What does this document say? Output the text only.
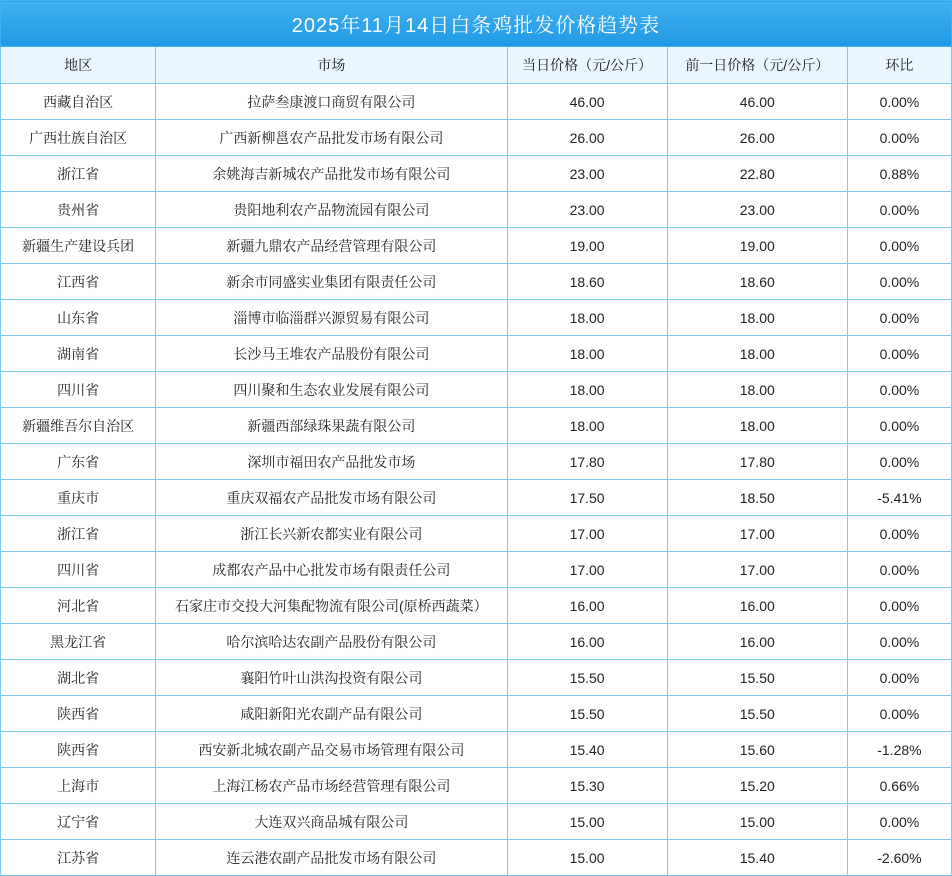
2025年11月14日白条鸡批发价格趋势表				
地区	市场	当日价格（元/公斤）	前一日价格（元/公斤）	环比
西藏自治区	拉萨叁康渡口商贸有限公司	46.00	46.00	0.00%
广西壮族自治区	广西新柳邕农产品批发市场有限公司	26.00	26.00	0.00%
浙江省	余姚海吉新城农产品批发市场有限公司	23.00	22.80	0.88%
贵州省	贵阳地利农产品物流园有限公司	23.00	23.00	0.00%
新疆生产建设兵团	新疆九鼎农产品经营管理有限公司	19.00	19.00	0.00%
江西省	新余市同盛实业集团有限责任公司	18.60	18.60	0.00%
山东省	淄博市临淄群兴源贸易有限公司	18.00	18.00	0.00%
湖南省	长沙马王堆农产品股份有限公司	18.00	18.00	0.00%
四川省	四川聚和生态农业发展有限公司	18.00	18.00	0.00%
新疆维吾尔自治区	新疆西部绿珠果蔬有限公司	18.00	18.00	0.00%
广东省	深圳市福田农产品批发市场	17.80	17.80	0.00%
重庆市	重庆双福农产品批发市场有限公司	17.50	18.50	-5.41%
浙江省	浙江长兴新农都实业有限公司	17.00	17.00	0.00%
四川省	成都农产品中心批发市场有限责任公司	17.00	17.00	0.00%
河北省	石家庄市交投大河集配物流有限公司(原桥西蔬菜）	16.00	16.00	0.00%
黑龙江省	哈尔滨哈达农副产品股份有限公司	16.00	16.00	0.00%
湖北省	襄阳竹叶山洪沟投资有限公司	15.50	15.50	0.00%
陕西省	咸阳新阳光农副产品有限公司	15.50	15.50	0.00%
陕西省	西安新北城农副产品交易市场管理有限公司	15.40	15.60	-1.28%
上海市	上海江杨农产品市场经营管理有限公司	15.30	15.20	0.66%
辽宁省	大连双兴商品城有限公司	15.00	15.00	0.00%
江苏省	连云港农副产品批发市场有限公司	15.00	15.40	-2.60%
